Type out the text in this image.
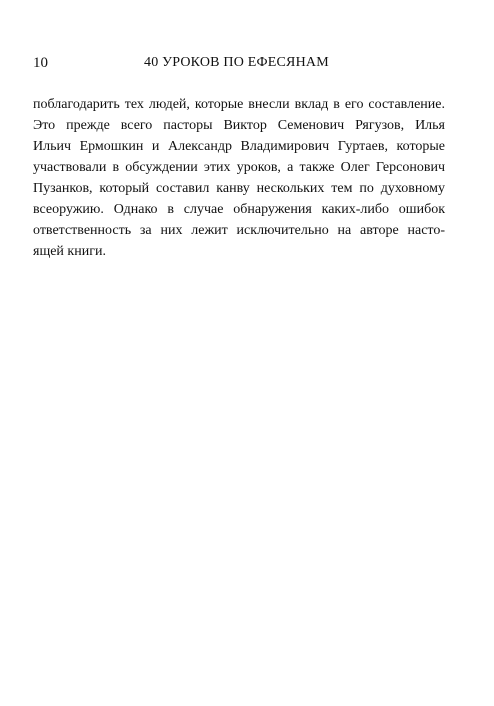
10	40 УРОКОВ ПО ЕФЕСЯНАМ
поблагодарить тех людей, которые внесли вклад в его составление.
Это прежде всего пасторы Виктор Семенович Рягузов, Илья
Ильич Ермошкин и Александр Владимирович Гуртаев, которые
участвовали в обсуждении этих уроков, а также Олег Герсонович
Пузанков, который составил канву нескольких тем по духовному
всеоружию. Однако в случае обнаружения каких-либо ошибок
ответственность за них лежит исключительно на авторе насто-
ящей книги.
